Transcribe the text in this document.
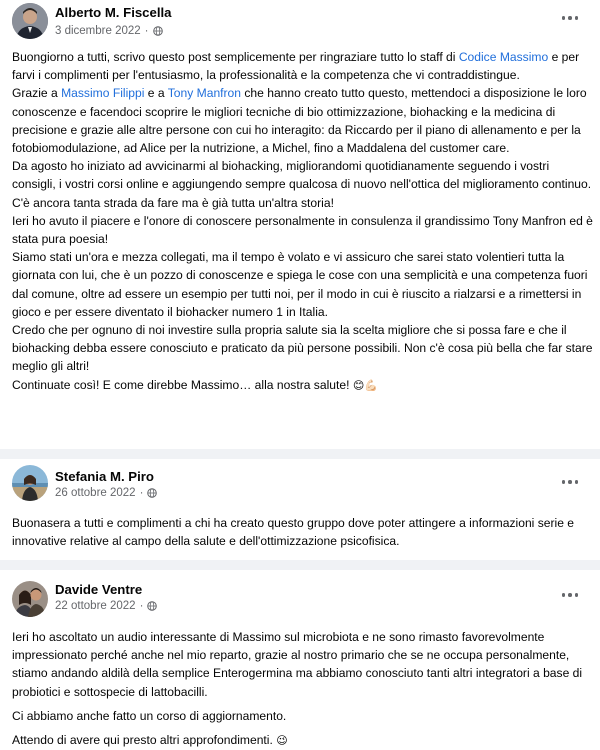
Alberto M. Fiscella
3 dicembre 2022 ·

Buongiorno a tutti, scrivo questo post semplicemente per ringraziare tutto lo staff di Codice Massimo e per farvi i complimenti per l'entusiasmo, la professionalità e la competenza che vi contraddistingue.

Grazie a Massimo Filippi e a Tony Manfron che hanno creato tutto questo, mettendoci a disposizione le loro conoscenze e facendoci scoprire le migliori tecniche di bio ottimizzazione, biohacking e la medicina di precisione e grazie alle altre persone con cui ho interagito: da Riccardo per il piano di allenamento e per la fotobiomodulazione, ad Alice per la nutrizione, a Michel, fino a Maddalena del customer care.

Da agosto ho iniziato ad avvicinarmi al biohacking, migliorandomi quotidianamente seguendo i vostri consigli, i vostri corsi online e aggiungendo sempre qualcosa di nuovo nell'ottica del miglioramento continuo. C'è ancora tanta strada da fare ma è già tutta un'altra storia!

Ieri ho avuto il piacere e l'onore di conoscere personalmente in consulenza il grandissimo Tony Manfron ed è stata pura poesia!

Siamo stati un'ora e mezza collegati, ma il tempo è volato e vi assicuro che sarei stato volentieri tutta la giornata con lui, che è un pozzo di conoscenze e spiega le cose con una semplicità e una competenza fuori dal comune, oltre ad essere un esempio per tutti noi, per il modo in cui è riuscito a rialzarsi e a rimettersi in gioco e per essere diventato il biohacker numero 1 in Italia.

Credo che per ognuno di noi investire sulla propria salute sia la scelta migliore che si possa fare e che il biohacking debba essere conosciuto e praticato da più persone possibili. Non c'è cosa più bella che far stare meglio gli altri!

Continuate così! E come direbbe Massimo… alla nostra salute! 😊💪🏻

Stefania M. Piro
26 ottobre 2022 ·

Buonasera a tutti e complimenti a chi ha creato questo gruppo dove poter attingere a informazioni serie e innovative relative al campo della salute e dell'ottimizzazione psicofisica.

Davide Ventre
22 ottobre 2022 ·

Ieri ho ascoltato un audio interessante di Massimo sul microbiota e ne sono rimasto favorevolmente impressionato perché anche nel mio reparto, grazie al nostro primario che se ne occupa personalmente, stiamo andando aldilà della semplice Enterogermina ma abbiamo conosciuto tanti altri integratori a base di probiotici e sottospecie di lattobacilli.

Ci abbiamo anche fatto un corso di aggiornamento.

Attendo di avere qui presto altri approfondimenti. 😉
